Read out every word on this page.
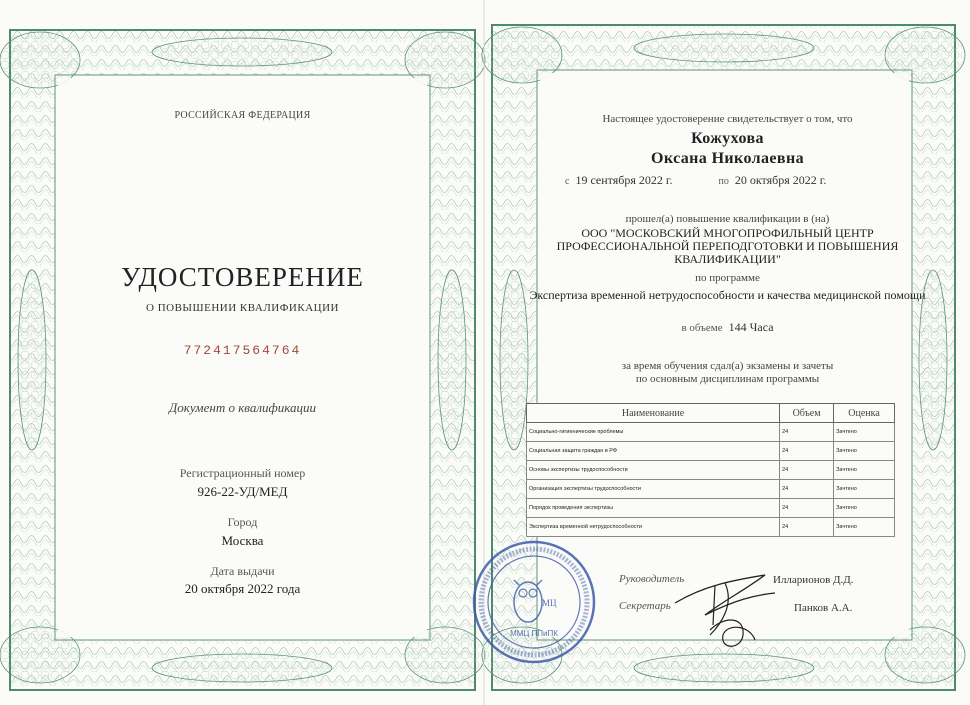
РОССИЙСКАЯ ФЕДЕРАЦИЯ
УДОСТОВЕРЕНИЕ
О ПОВЫШЕНИИ КВАЛИФИКАЦИИ
772417564764
Документ о квалификации
Регистрационный номер
926-22-УД/МЕД
Город
Москва
Дата выдачи
20 октября 2022 года
Настоящее удостоверение свидетельствует о том, что
Кожухова
Оксана Николаевна
с 19 сентября 2022 г.	по 20 октября 2022 г.
прошел(а) повышение квалификации в (на)
ООО "МОСКОВСКИЙ МНОГОПРОФИЛЬНЫЙ ЦЕНТР ПРОФЕССИОНАЛЬНОЙ ПЕРЕПОДГОТОВКИ И ПОВЫШЕНИЯ КВАЛИФИКАЦИИ"
по программе
Экспертиза временной нетрудоспособности и качества медицинской помощи
в объеме 144 Часа
за время обучения сдал(а) экзамены и зачеты
по основным дисциплинам программы
Наименование	Объем	Оценка
Социально-гигиенические проблемы	24	Зачтено
Социальная защита граждан в РФ	24	Зачтено
Основы экспертизы трудоспособности	24	Зачтено
Организация экспертизы трудоспособности	24	Зачтено
Порядок проведения экспертизы	24	Зачтено
Экспертиза временной нетрудоспособности	24	Зачтено
МЦ
ММЦ ППиПК
Руководитель	Илларионов Д.Д.
Секретарь	Панков А.А.
